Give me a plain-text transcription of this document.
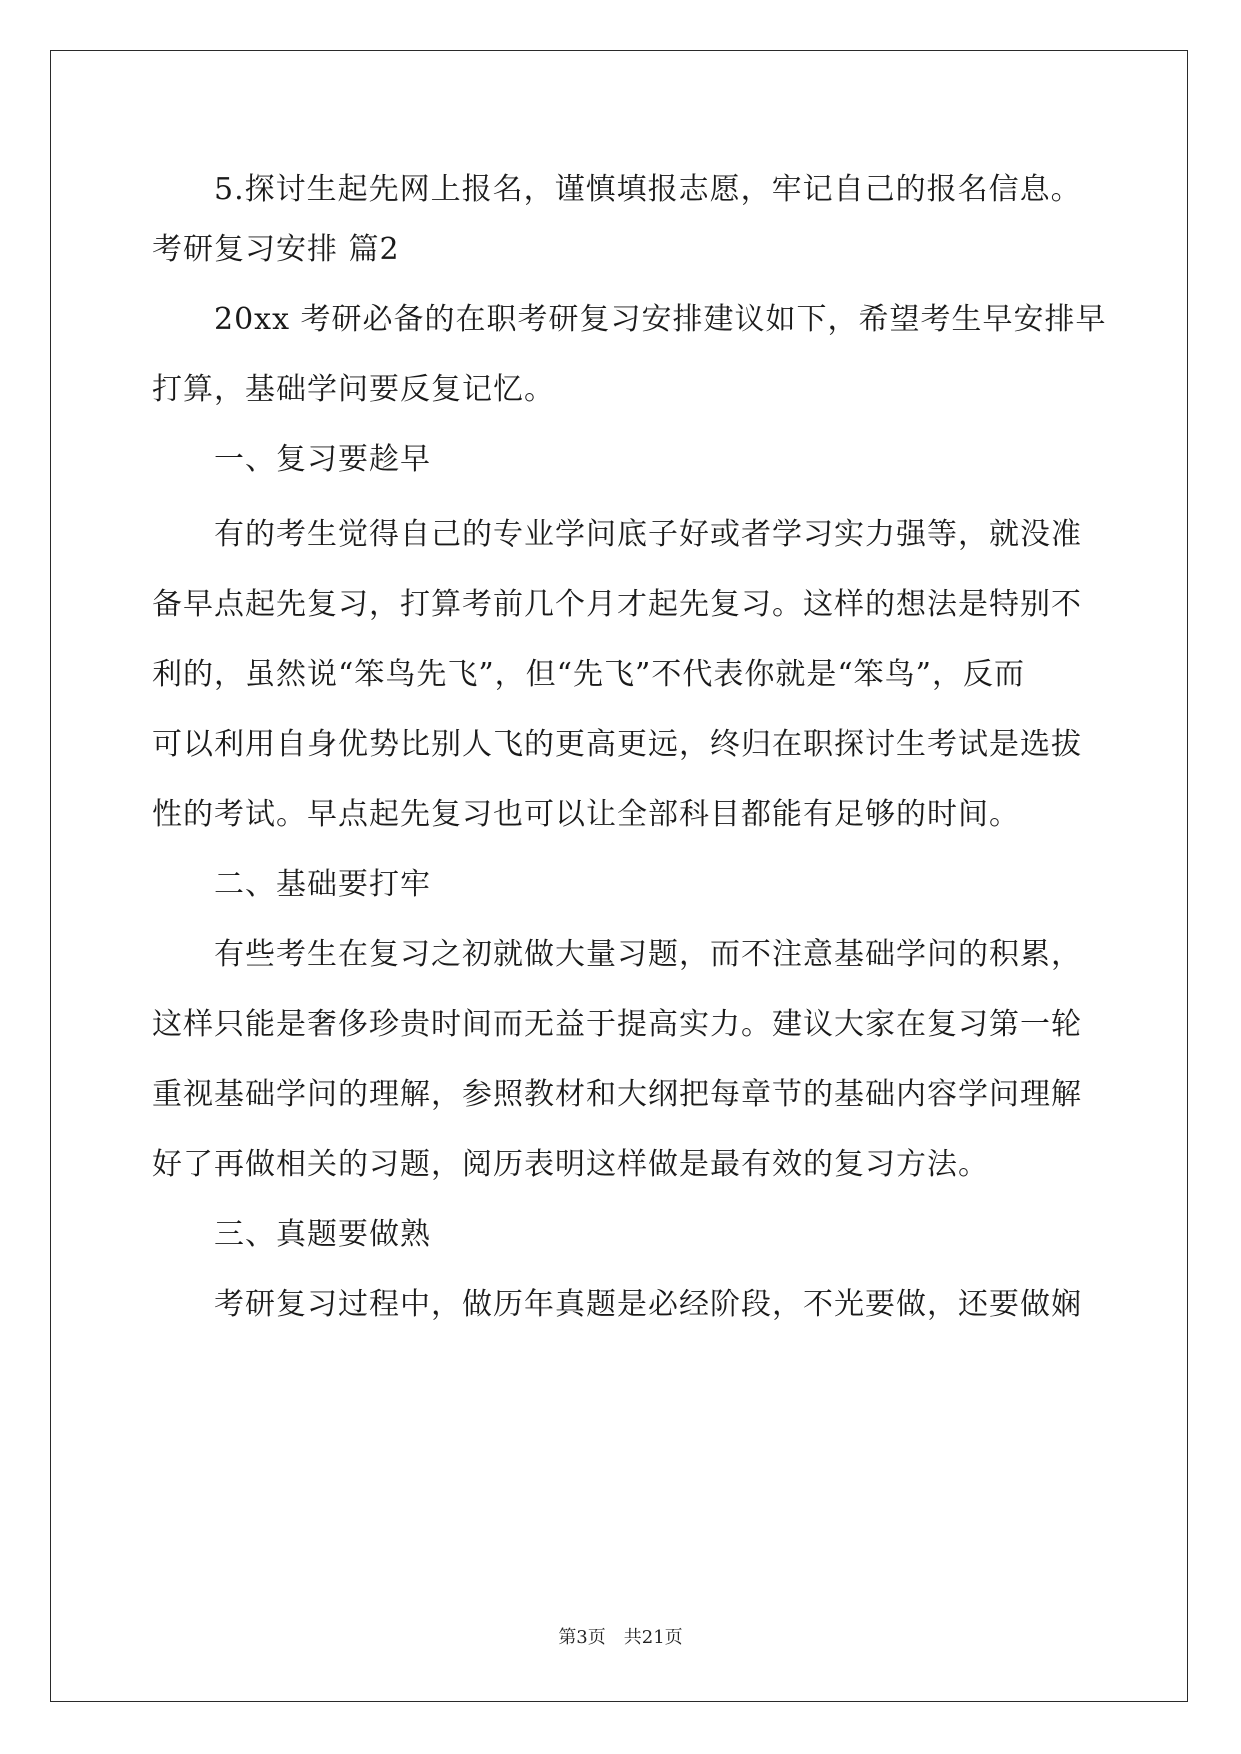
5.探讨生起先网上报名，谨慎填报志愿，牢记自己的报名信息。
考研复习安排 篇2
20xx 考研必备的在职考研复习安排建议如下，希望考生早安排早
打算，基础学问要反复记忆。
一、复习要趁早
有的考生觉得自己的专业学问底子好或者学习实力强等，就没准
备早点起先复习，打算考前几个月才起先复习。这样的想法是特别不
利的，虽然说“笨鸟先飞”，但“先飞”不代表你就是“笨鸟”，反而
可以利用自身优势比别人飞的更高更远，终归在职探讨生考试是选拔
性的考试。早点起先复习也可以让全部科目都能有足够的时间。
二、基础要打牢
有些考生在复习之初就做大量习题，而不注意基础学问的积累，
这样只能是奢侈珍贵时间而无益于提高实力。建议大家在复习第一轮
重视基础学问的理解，参照教材和大纲把每章节的基础内容学问理解
好了再做相关的习题，阅历表明这样做是最有效的复习方法。
三、真题要做熟
考研复习过程中，做历年真题是必经阶段，不光要做，还要做娴
第3页　共21页
